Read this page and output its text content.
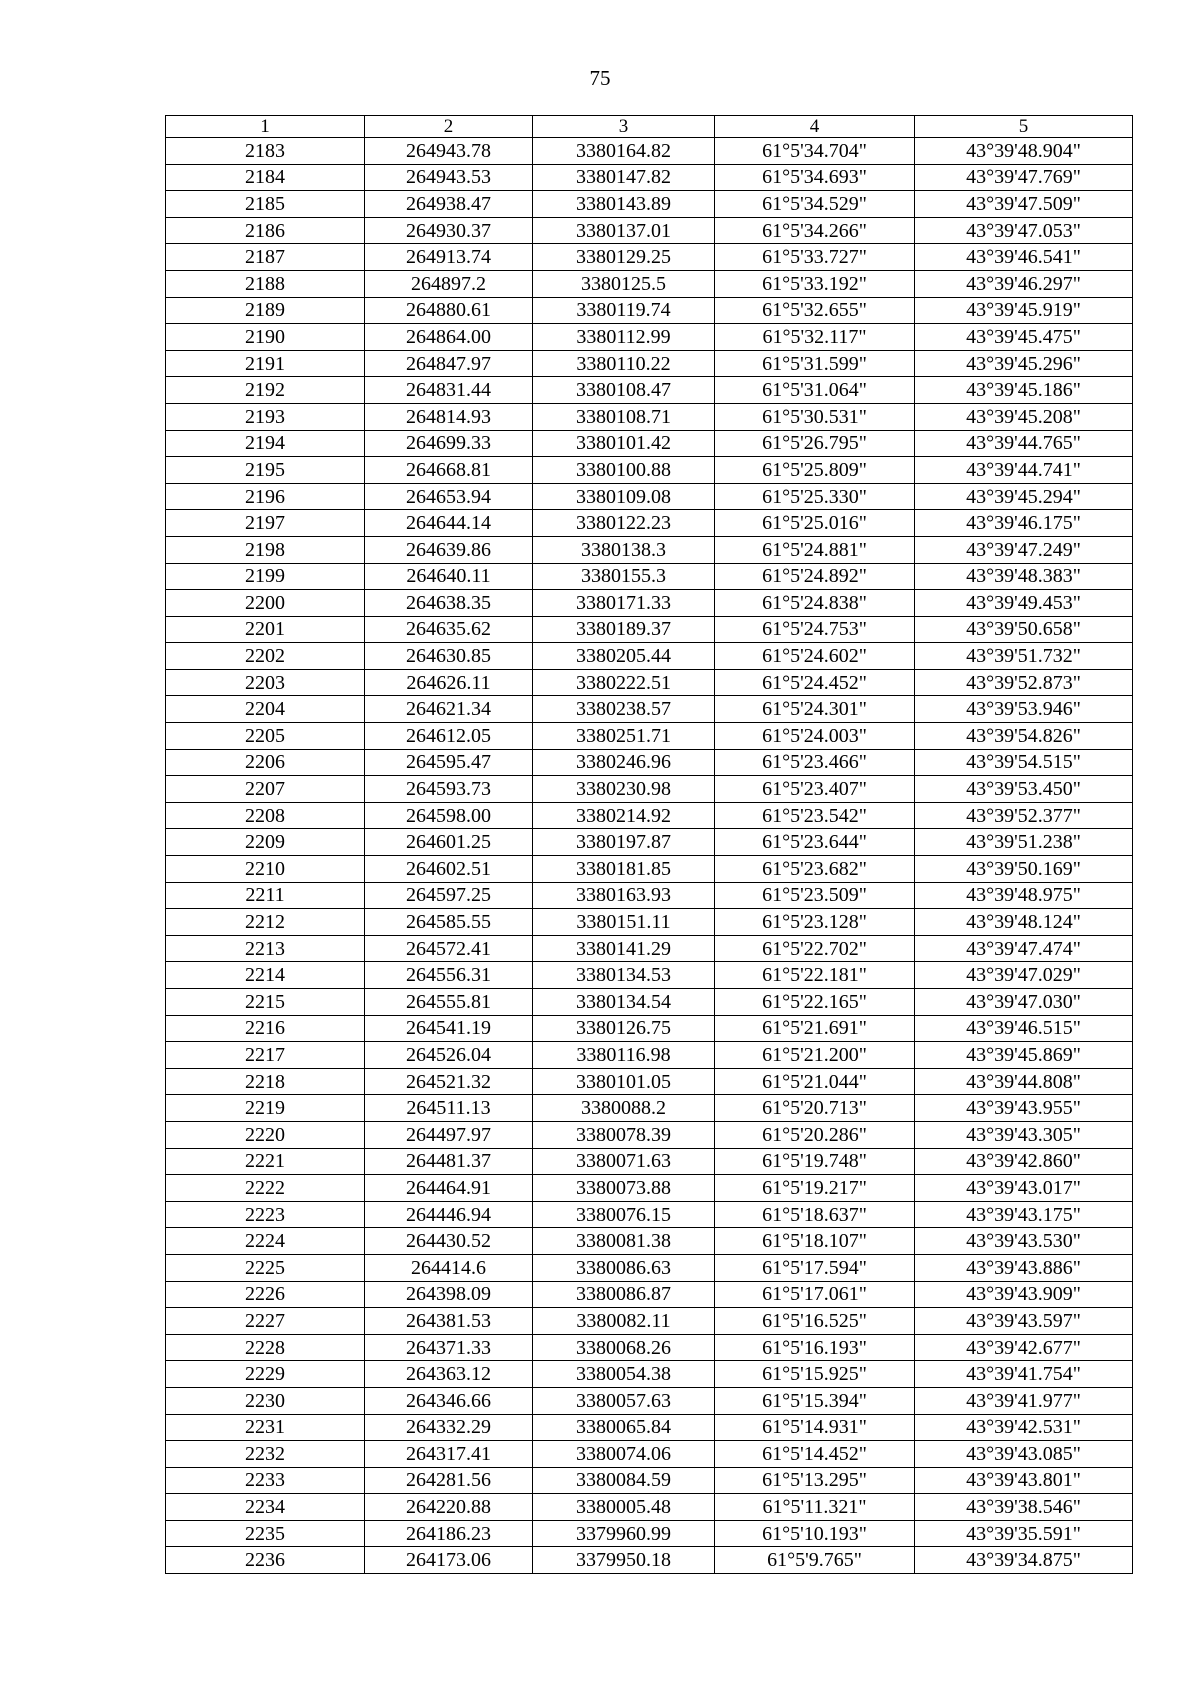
75
1	2	3	4	5
2183	264943.78	3380164.82	61°5'34.704"	43°39'48.904"
2184	264943.53	3380147.82	61°5'34.693"	43°39'47.769"
2185	264938.47	3380143.89	61°5'34.529"	43°39'47.509"
2186	264930.37	3380137.01	61°5'34.266"	43°39'47.053"
2187	264913.74	3380129.25	61°5'33.727"	43°39'46.541"
2188	264897.2	3380125.5	61°5'33.192"	43°39'46.297"
2189	264880.61	3380119.74	61°5'32.655"	43°39'45.919"
2190	264864.00	3380112.99	61°5'32.117"	43°39'45.475"
2191	264847.97	3380110.22	61°5'31.599"	43°39'45.296"
2192	264831.44	3380108.47	61°5'31.064"	43°39'45.186"
2193	264814.93	3380108.71	61°5'30.531"	43°39'45.208"
2194	264699.33	3380101.42	61°5'26.795"	43°39'44.765"
2195	264668.81	3380100.88	61°5'25.809"	43°39'44.741"
2196	264653.94	3380109.08	61°5'25.330"	43°39'45.294"
2197	264644.14	3380122.23	61°5'25.016"	43°39'46.175"
2198	264639.86	3380138.3	61°5'24.881"	43°39'47.249"
2199	264640.11	3380155.3	61°5'24.892"	43°39'48.383"
2200	264638.35	3380171.33	61°5'24.838"	43°39'49.453"
2201	264635.62	3380189.37	61°5'24.753"	43°39'50.658"
2202	264630.85	3380205.44	61°5'24.602"	43°39'51.732"
2203	264626.11	3380222.51	61°5'24.452"	43°39'52.873"
2204	264621.34	3380238.57	61°5'24.301"	43°39'53.946"
2205	264612.05	3380251.71	61°5'24.003"	43°39'54.826"
2206	264595.47	3380246.96	61°5'23.466"	43°39'54.515"
2207	264593.73	3380230.98	61°5'23.407"	43°39'53.450"
2208	264598.00	3380214.92	61°5'23.542"	43°39'52.377"
2209	264601.25	3380197.87	61°5'23.644"	43°39'51.238"
2210	264602.51	3380181.85	61°5'23.682"	43°39'50.169"
2211	264597.25	3380163.93	61°5'23.509"	43°39'48.975"
2212	264585.55	3380151.11	61°5'23.128"	43°39'48.124"
2213	264572.41	3380141.29	61°5'22.702"	43°39'47.474"
2214	264556.31	3380134.53	61°5'22.181"	43°39'47.029"
2215	264555.81	3380134.54	61°5'22.165"	43°39'47.030"
2216	264541.19	3380126.75	61°5'21.691"	43°39'46.515"
2217	264526.04	3380116.98	61°5'21.200"	43°39'45.869"
2218	264521.32	3380101.05	61°5'21.044"	43°39'44.808"
2219	264511.13	3380088.2	61°5'20.713"	43°39'43.955"
2220	264497.97	3380078.39	61°5'20.286"	43°39'43.305"
2221	264481.37	3380071.63	61°5'19.748"	43°39'42.860"
2222	264464.91	3380073.88	61°5'19.217"	43°39'43.017"
2223	264446.94	3380076.15	61°5'18.637"	43°39'43.175"
2224	264430.52	3380081.38	61°5'18.107"	43°39'43.530"
2225	264414.6	3380086.63	61°5'17.594"	43°39'43.886"
2226	264398.09	3380086.87	61°5'17.061"	43°39'43.909"
2227	264381.53	3380082.11	61°5'16.525"	43°39'43.597"
2228	264371.33	3380068.26	61°5'16.193"	43°39'42.677"
2229	264363.12	3380054.38	61°5'15.925"	43°39'41.754"
2230	264346.66	3380057.63	61°5'15.394"	43°39'41.977"
2231	264332.29	3380065.84	61°5'14.931"	43°39'42.531"
2232	264317.41	3380074.06	61°5'14.452"	43°39'43.085"
2233	264281.56	3380084.59	61°5'13.295"	43°39'43.801"
2234	264220.88	3380005.48	61°5'11.321"	43°39'38.546"
2235	264186.23	3379960.99	61°5'10.193"	43°39'35.591"
2236	264173.06	3379950.18	61°5'9.765"	43°39'34.875"
